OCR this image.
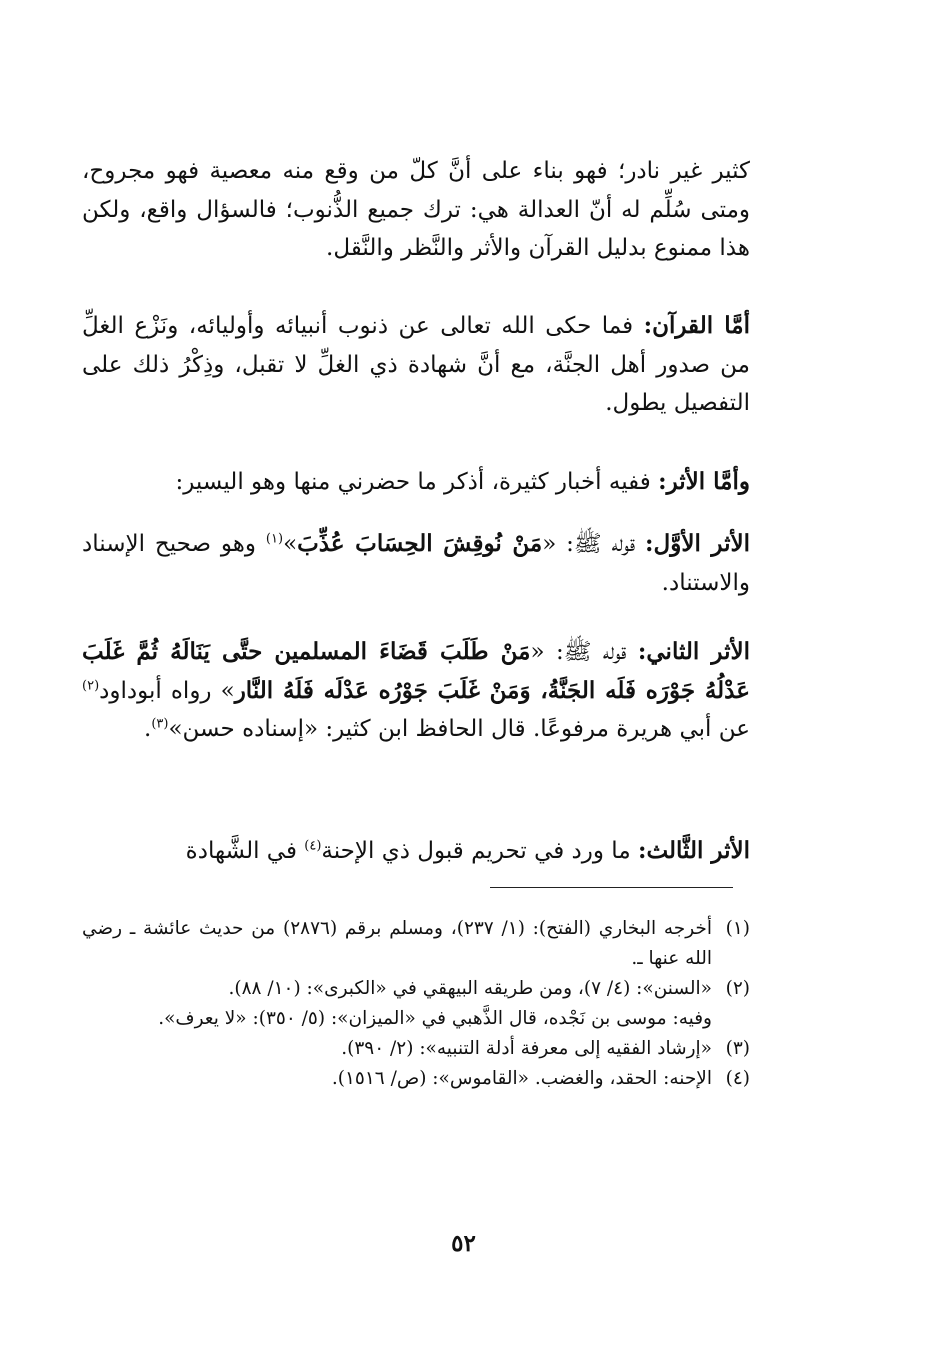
كثير غير نادر؛ فهو بناء على أنَّ كلّ من وقع منه معصية فهو مجروح، ومتى سُلِّم له أنّ العدالة هي: ترك جميع الذُّنوب؛ فالسؤال واقع، ولكن هذا ممنوع بدليل القرآن والأثر والنَّظر والنَّقل.

أمَّا القرآن: فما حكى الله تعالى عن ذنوب أنبيائه وأوليائه، ونَزْع الغلِّ من صدور أهل الجنَّة، مع أنَّ شهادة ذي الغلِّ لا تقبل، وذِكْرُ ذلك على التفصيل يطول.

وأمَّا الأثر: ففيه أخبار كثيرة، أذكر ما حضرني منها وهو اليسير:

الأثر الأوَّل: قوله ﷺ: «مَنْ نُوقِشَ الحِسَابَ عُذِّبَ»$^{(١)}$ وهو صحيح الإسناد والاستناد.

الأثر الثاني: قوله ﷺ: «مَنْ طَلَبَ قَضَاءَ المسلمين حتَّى يَنَالَهُ ثُمَّ غَلَبَ عَدْلُهُ جَوْرَه فَلَه الجَنَّةُ، وَمَنْ غَلَبَ جَوْرُه عَدْلَه فَلَهُ النَّار» رواه أبوداود$^{(٢)}$ عن أبي هريرة مرفوعًا. قال الحافظ ابن كثير: «إسناده حسن»$^{(٣)}$.

الأثر الثَّالث: ما ورد في تحريم قبول ذي الإحنة$^{(٤)}$ في الشَّهادة

(١)
أخرجه البخاري (الفتح): (١/ ٢٣٧)، ومسلم برقم (٢٨٧٦) من حديث عائشة ـ رضي الله عنها ـ.
(٢)
«السنن»: (٤/ ٧)، ومن طريقه البيهقي في «الكبرى»: (١٠/ ٨٨).
وفيه: موسى بن نَجْده، قال الذَّهبي في «الميزان»: (٥/ ٣٥٠): «لا يعرف».
(٣)
«إرشاد الفقيه إلى معرفة أدلة التنبيه»: (٢/ ٣٩٠).
(٤)
الإحنه: الحقد، والغضب. «القاموس»: (ص/ ١٥١٦).
٥٢
